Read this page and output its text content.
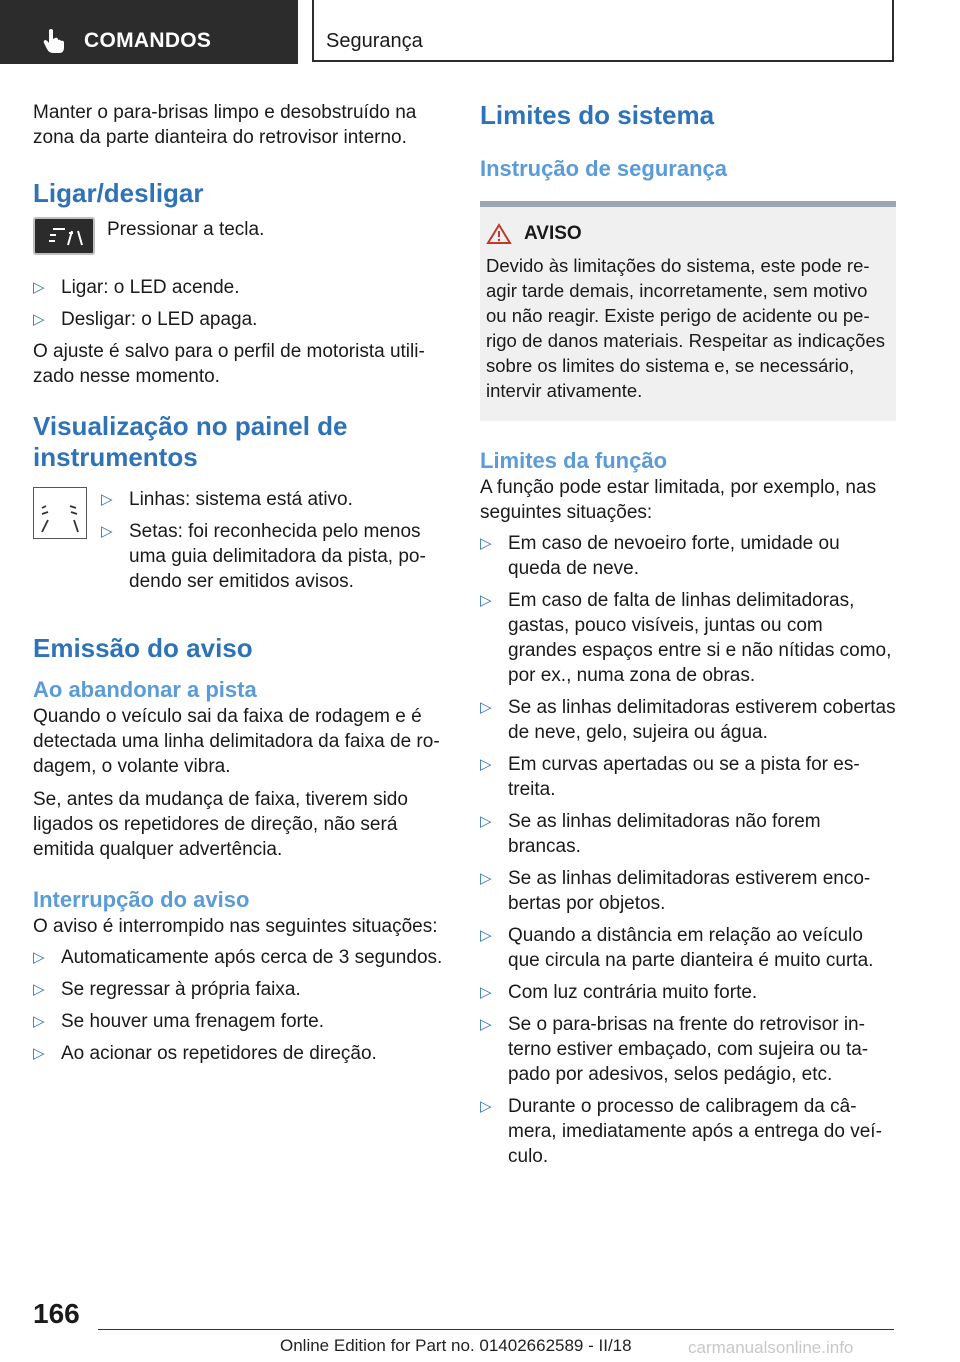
COMANDOS	Segurança

Manter o para-brisas limpo e desobstruído na zona da parte dianteira do retrovisor interno.

Ligar/desligar
Pressionar a tecla.
▷ Ligar: o LED acende.
▷ Desligar: o LED apaga.

O ajuste é salvo para o perfil de motorista utilizado nesse momento.

Visualização no painel de instrumentos
▷ Linhas: sistema está ativo.
▷ Setas: foi reconhecida pelo menos uma guia delimitadora da pista, podendo ser emitidos avisos.
Emissão do aviso
Ao abandonar a pista

Quando o veículo sai da faixa de rodagem e é detectada uma linha delimitadora da faixa de rodagem, o volante vibra.

Se, antes da mudança de faixa, tiverem sido ligados os repetidores de direção, não será emitida qualquer advertência.

Interrupção do aviso

O aviso é interrompido nas seguintes situações:

▷ Automaticamente após cerca de 3 segundos.
▷ Se regressar à própria faixa.
▷ Se houver uma frenagem forte.
▷ Ao acionar os repetidores de direção.
Limites do sistema
Instrução de segurança
AVISO

Devido às limitações do sistema, este pode reagir tarde demais, incorretamente, sem motivo ou não reagir. Existe perigo de acidente ou perigo de danos materiais. Respeitar as indicações sobre os limites do sistema e, se necessário, intervir ativamente.

Limites da função

A função pode estar limitada, por exemplo, nas seguintes situações:

▷ Em caso de nevoeiro forte, umidade ou queda de neve.
▷ Em caso de falta de linhas delimitadoras, gastas, pouco visíveis, juntas ou com grandes espaços entre si e não nítidas como, por ex., numa zona de obras.
▷ Se as linhas delimitadoras estiverem cobertas de neve, gelo, sujeira ou água.
▷ Em curvas apertadas ou se a pista for estreita.
▷ Se as linhas delimitadoras não forem brancas.
▷ Se as linhas delimitadoras estiverem encobertas por objetos.
▷ Quando a distância em relação ao veículo que circula na parte dianteira é muito curta.
▷ Com luz contrária muito forte.
▷ Se o para-brisas na frente do retrovisor interno estiver embaçado, com sujeira ou tapado por adesivos, selos pedágio, etc.
▷ Durante o processo de calibragem da câmera, imediatamente após a entrega do veículo.
166
Online Edition for Part no. 01402662589 - II/18	carmanualsonline.info
